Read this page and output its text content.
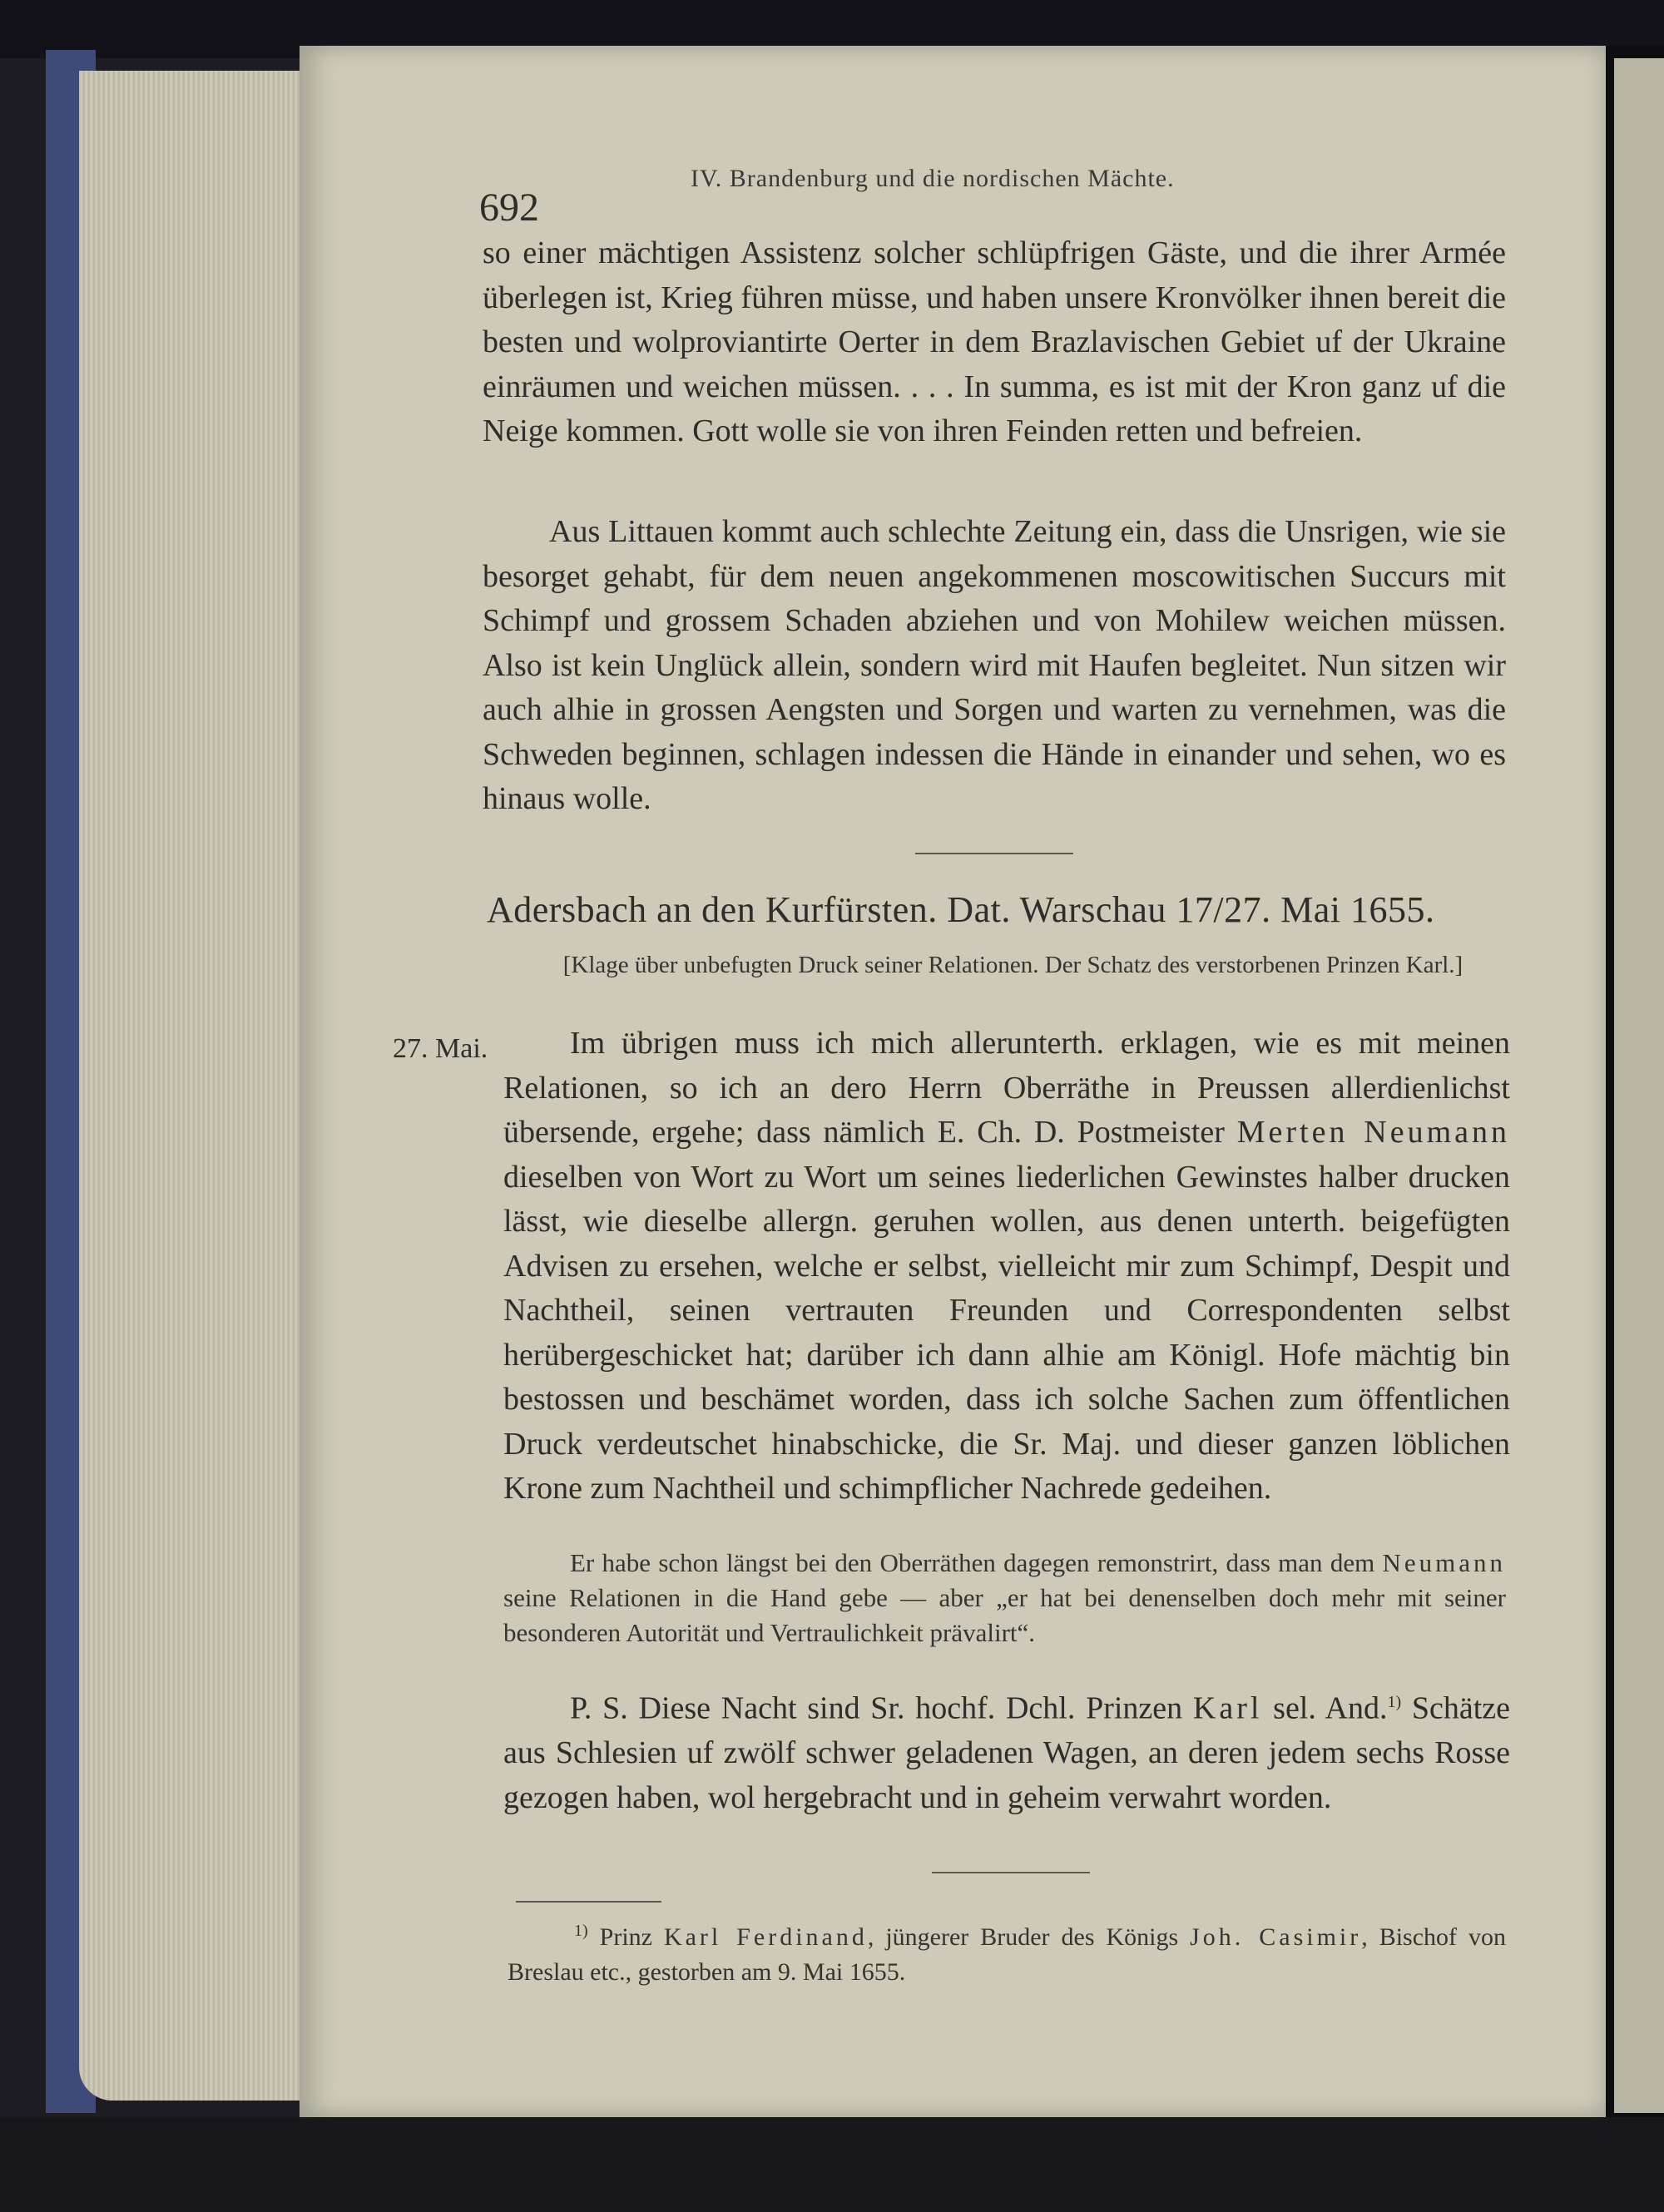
692
IV. Brandenburg und die nordischen Mächte.

so einer mächtigen Assistenz solcher schlüpfrigen Gäste, und die ihrer Armée überlegen ist, Krieg führen müsse, und haben unsere Kronvölker ihnen bereit die besten und wolproviantirte Oerter in dem Brazlavischen Gebiet uf der Ukraine einräumen und weichen müssen. . . . In summa, es ist mit der Kron ganz uf die Neige kommen. Gott wolle sie von ihren Feinden retten und befreien.

Aus Littauen kommt auch schlechte Zeitung ein, dass die Unsrigen, wie sie besorget gehabt, für dem neuen angekommenen moscowitischen Succurs mit Schimpf und grossem Schaden abziehen und von Mohilew weichen müssen. Also ist kein Unglück allein, sondern wird mit Haufen begleitet. Nun sitzen wir auch alhie in grossen Aengsten und Sorgen und warten zu vernehmen, was die Schweden beginnen, schlagen indessen die Hände in einander und sehen, wo es hinaus wolle.

Adersbach an den Kurfürsten. Dat. Warschau 17/27. Mai 1655.
[Klage über unbefugten Druck seiner Relationen. Der Schatz des verstorbenen Prinzen Karl.]
27. Mai.	Im übrigen muss ich mich allerunterth. erklagen, wie es mit meinen Relationen, so ich an dero Herrn Oberräthe in Preussen allerdienlichst übersende, ergehe; dass nämlich E. Ch. D. Postmeister Merten Neumann dieselben von Wort zu Wort um seines liederlichen Gewinstes halber drucken lässt, wie dieselbe allergn. geruhen wollen, aus denen unterth. beigefügten Advisen zu ersehen, welche er selbst, vielleicht mir zum Schimpf, Despit und Nachtheil, seinen vertrauten Freunden und Correspondenten selbst herübergeschicket hat; darüber ich dann alhie am Königl. Hofe mächtig bin bestossen und beschämet worden, dass ich solche Sachen zum öffentlichen Druck verdeutschet hinabschicke, die Sr. Maj. und dieser ganzen löblichen Krone zum Nachtheil und schimpflicher Nachrede gedeihen.

Er habe schon längst bei den Oberräthen dagegen remonstrirt, dass man dem Neumann seine Relationen in die Hand gebe — aber „er hat bei denenselben doch mehr mit seiner besonderen Autorität und Vertraulichkeit prävalirt“.

P. S. Diese Nacht sind Sr. hochf. Dchl. Prinzen Karl sel. And.$^{1)}$ Schätze aus Schlesien uf zwölf schwer geladenen Wagen, an deren jedem sechs Rosse gezogen haben, wol hergebracht und in geheim verwahrt worden.

$^{1)}$ Prinz Karl Ferdinand, jüngerer Bruder des Königs Joh. Casimir, Bischof von Breslau etc., gestorben am 9. Mai 1655.
